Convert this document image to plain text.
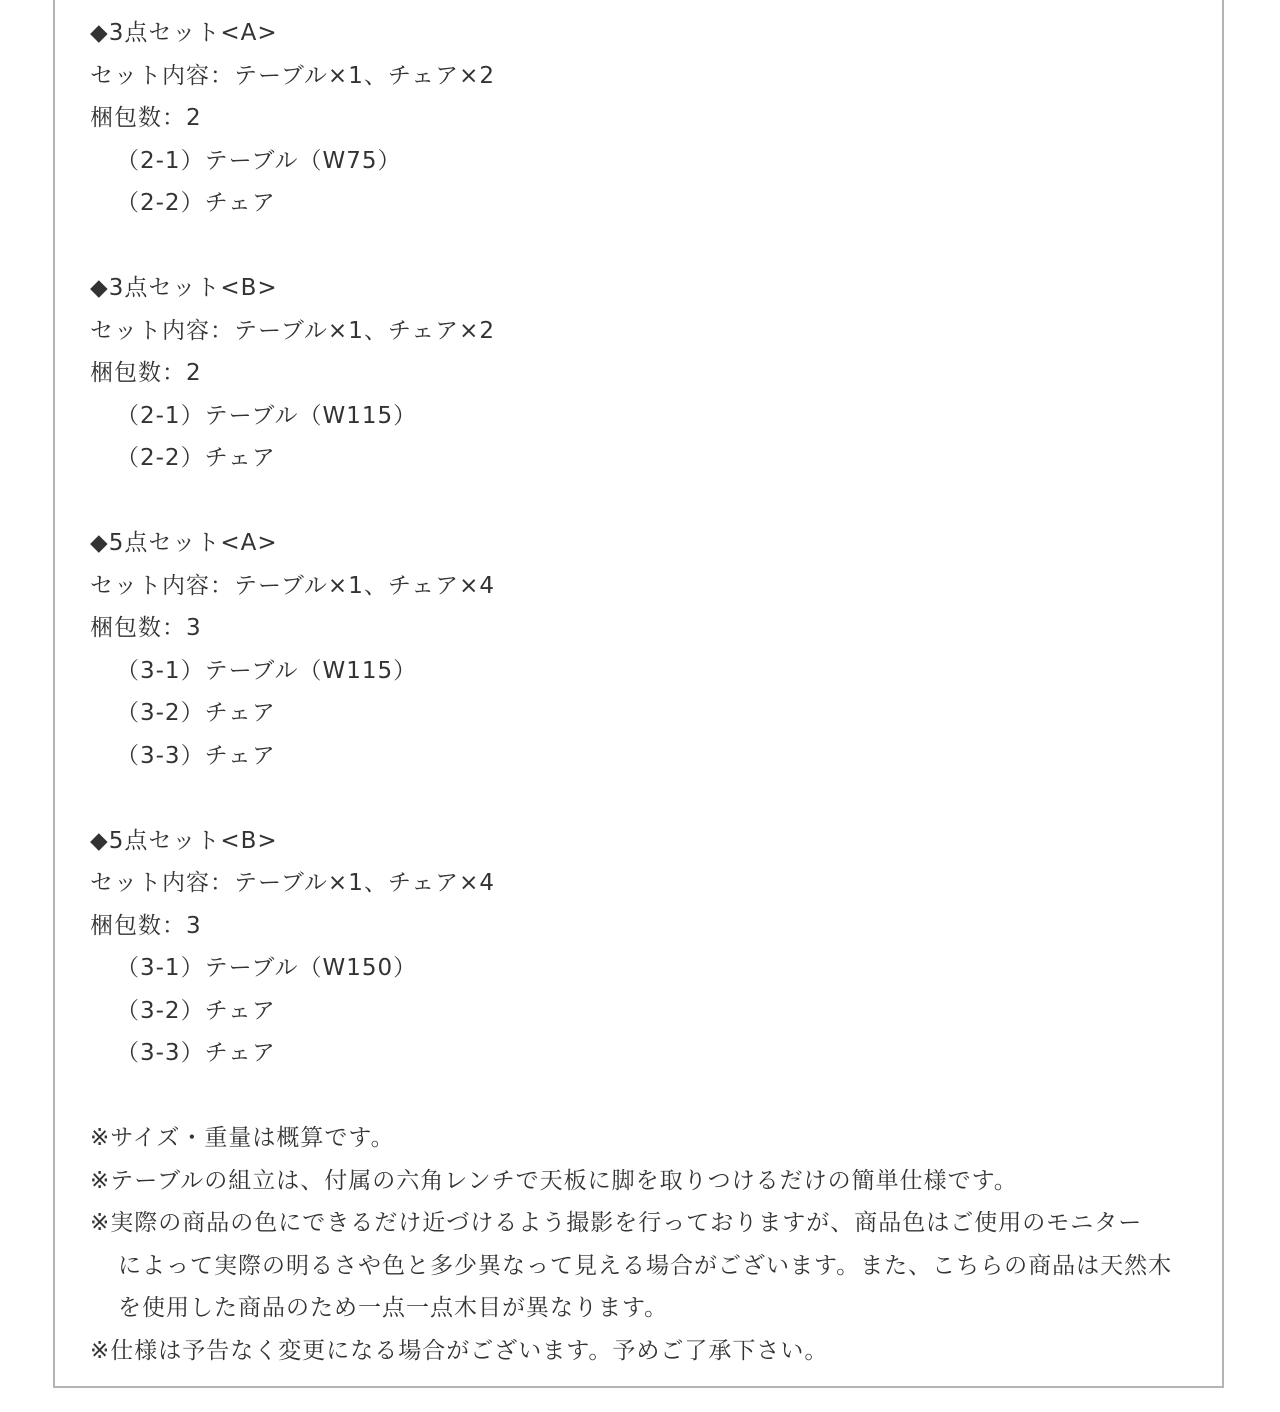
◆3点セット<A>
セット内容：テーブル×1、チェア×2
梱包数：2
（2-1）テーブル（W75）
（2-2）チェア
◆3点セット<B>
セット内容：テーブル×1、チェア×2
梱包数：2
（2-1）テーブル（W115）
（2-2）チェア
◆5点セット<A>
セット内容：テーブル×1、チェア×4
梱包数：3
（3-1）テーブル（W115）
（3-2）チェア
（3-3）チェア
◆5点セット<B>
セット内容：テーブル×1、チェア×4
梱包数：3
（3-1）テーブル（W150）
（3-2）チェア
（3-3）チェア
※サイズ・重量は概算です。
※テーブルの組立は、付属の六角レンチで天板に脚を取りつけるだけの簡単仕様です。
※実際の商品の色にできるだけ近づけるよう撮影を行っておりますが、商品色はご使用のモニター
によって実際の明るさや色と多少異なって見える場合がございます。また、こちらの商品は天然木
を使用した商品のため一点一点木目が異なります。
※仕様は予告なく変更になる場合がございます。予めご了承下さい。
